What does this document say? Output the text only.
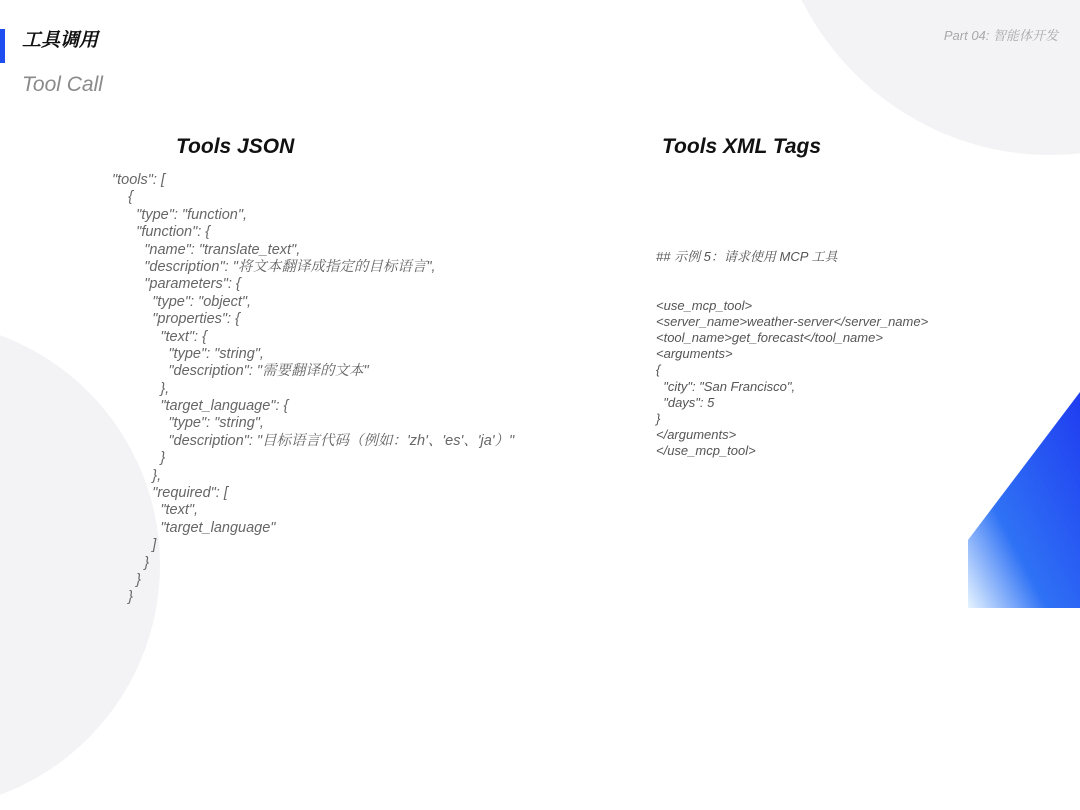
工具调用
Tool Call
Part 04: 智能体开发
Tools JSON	Tools XML Tags
"tools": [
{
"type": "function",
"function": {
"name": "translate_text",
"description": "将文本翻译成指定的目标语言",
"parameters": {
"type": "object",
"properties": {
"text": {
"type": "string",
"description": "需要翻译的文本"
},
"target_language": {
"type": "string",
"description": "目标语言代码（例如：'zh'、'es'、'ja'）"
}
},
"required": [
"text",
"target_language"
]
}
}
}
## 示例 5：请求使用 MCP 工具
<use_mcp_tool>
<server_name>weather-server</server_name>
<tool_name>get_forecast</tool_name>
<arguments>
{
"city": "San Francisco",
"days": 5
}
</arguments>
</use_mcp_tool>
